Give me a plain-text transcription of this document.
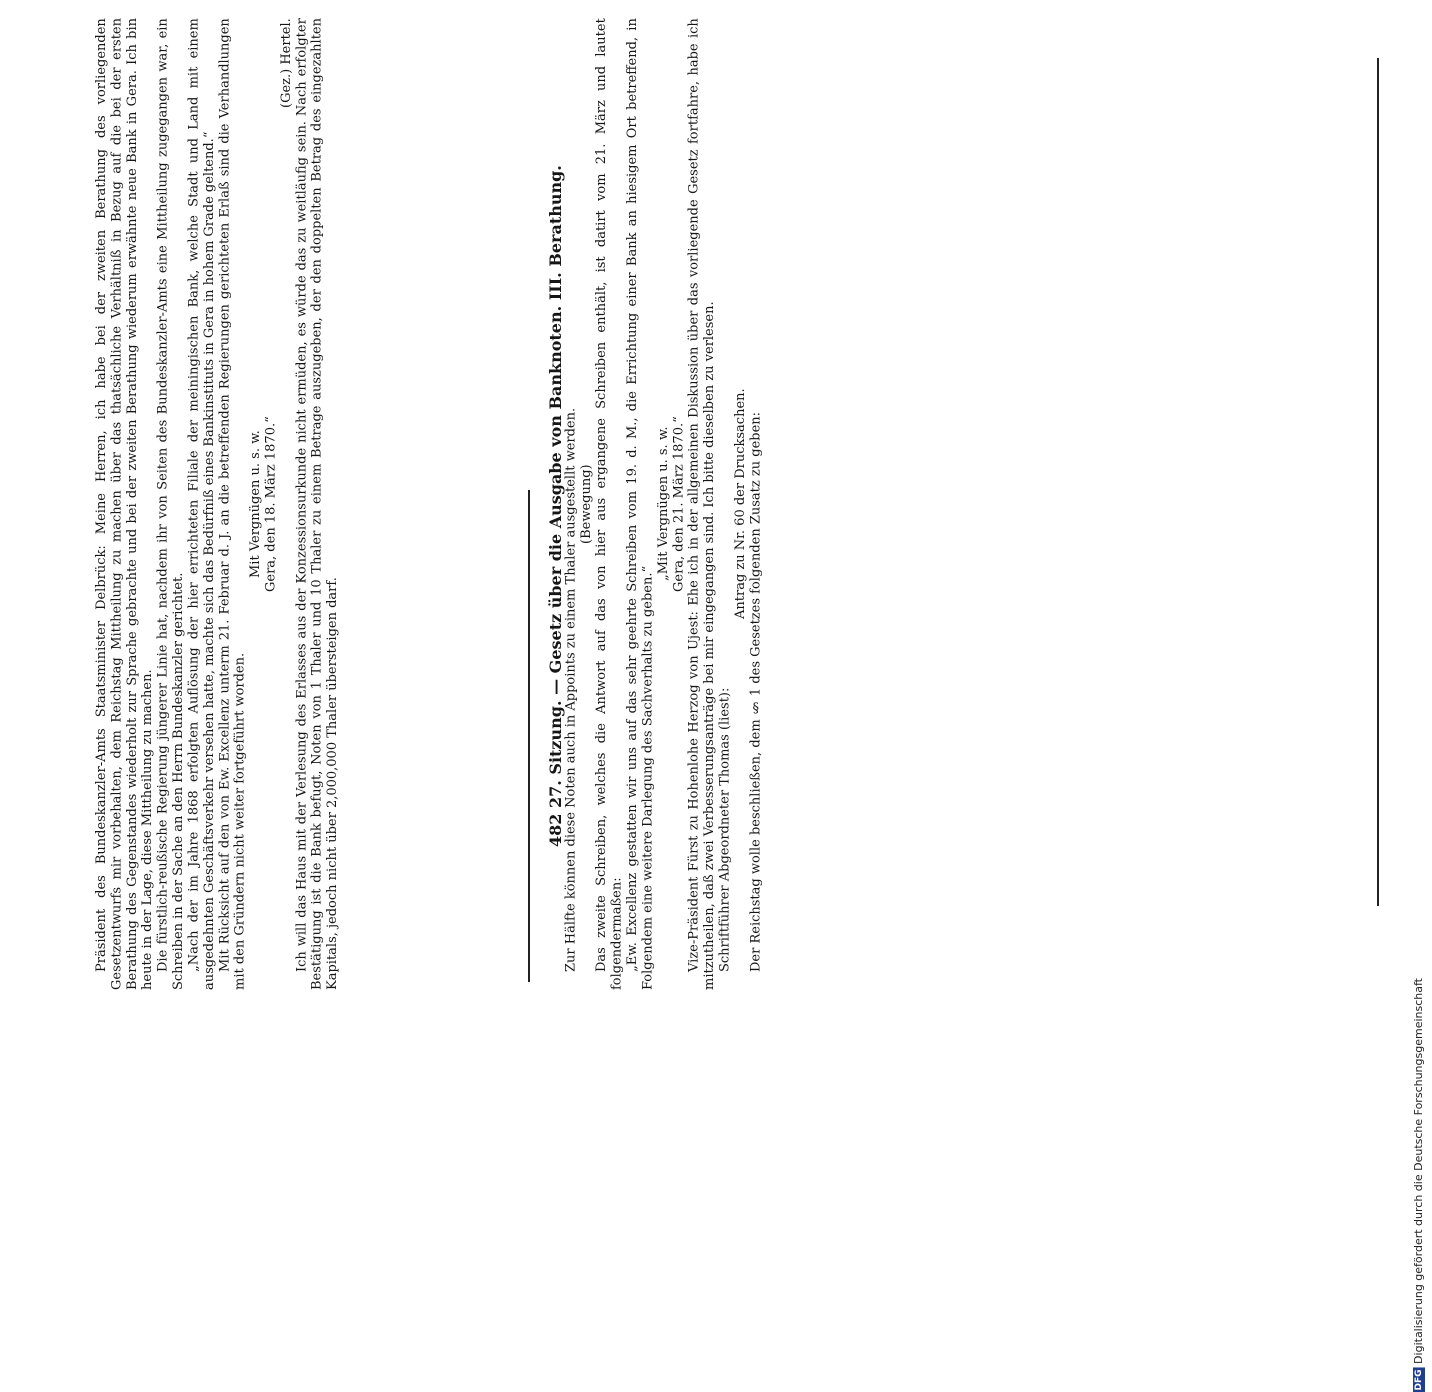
482 27. Sitzung. — Gesetz über die Ausgabe von Banknoten. III. Berathung.

Zur Hälfte können diese Noten auch in Appoints zu einem Thaler ausgestellt werden. (Bewegung) Das zweite Schreiben, welches die Antwort auf das von hier aus ergangene Schreiben enthält, ist datirt vom 21. März und lautet folgendermaßen: „Ew. Excellenz gestatten wir uns auf das sehr geehrte Schreiben vom 19. d. M., die Errichtung einer Bank an hiesigem Ort betreffend, in Folgendem eine weitere Darlegung des Sachverhalts zu geben.“

„Mit Vergnügen u. s. w. Gera, den 21. März 1870.“ Vize-Präsident Fürst zu Hohenlohe Herzog von Ujest: Ehe ich in der allgemeinen Diskussion über das vorliegende Gesetz fortfahre, habe ich mitzutheilen, daß zwei Verbesserungsanträge bei mir eingegangen sind. Ich bitte dieselben zu verlesen. Schriftführer Abgeordneter Thomas (liest):

Antrag zu Nr. 60 der Drucksachen. Der Reichstag wolle beschließen, dem § 1 des Gesetzes folgenden Zusatz zu geben:

Präsident des Bundeskanzler-Amts Staatsminister Delbrück: Meine Herren, ich habe bei der zweiten Berathung des vorliegenden Gesetzentwurfs mir vorbehalten, dem Reichstag Mittheilung zu machen über das thatsächliche Verhältniß in Bezug auf die bei der ersten Berathung des Gegenstandes wiederholt zur Sprache gebrachte und bei der zweiten Berathung wiederum erwähnte neue Bank in Gera. Ich bin heute in der Lage, diese Mittheilung zu machen. Die fürstlich-reußische Regierung jüngerer Linie hat, nachdem ihr von Seiten des Bundeskanzler-Amts eine Mittheilung zugegangen war, ein Schreiben in der Sache an den Herrn Bundeskanzler gerichtet. „Nach der im Jahre 1868 erfolgten Auflösung der hier errichteten Filiale der meiningischen Bank, welche Stadt und Land mit einem ausgedehnten Geschäftsverkehr versehen hatte, machte sich das Bedürfniß eines Bankinstituts in Gera in hohem Grade geltend.“ Mit Rücksicht auf den von Ew. Excellenz unterm 21. Februar d. J. an die betreffenden Regierungen gerichteten Erlaß sind die Verhandlungen mit den Gründern nicht weiter fortgeführt worden.

Mit Vergnügen u. s. w. Gera, den 18. März 1870.“

(Gez.) Hertel. Ich will das Haus mit der Verlesung des Erlasses aus der Konzessionsurkunde nicht ermüden, es würde das zu weitläufig sein. Nach erfolgter Bestätigung ist die Bank befugt, Noten von 1 Thaler und 10 Thaler zu einem Betrage auszugeben, der den doppelten Betrag des eingezahlten Kapitals, jedoch nicht über 2,000,000 Thaler übersteigen darf.

DFG Digitalisierung gefördert durch die Deutsche Forschungsgemeinschaft
